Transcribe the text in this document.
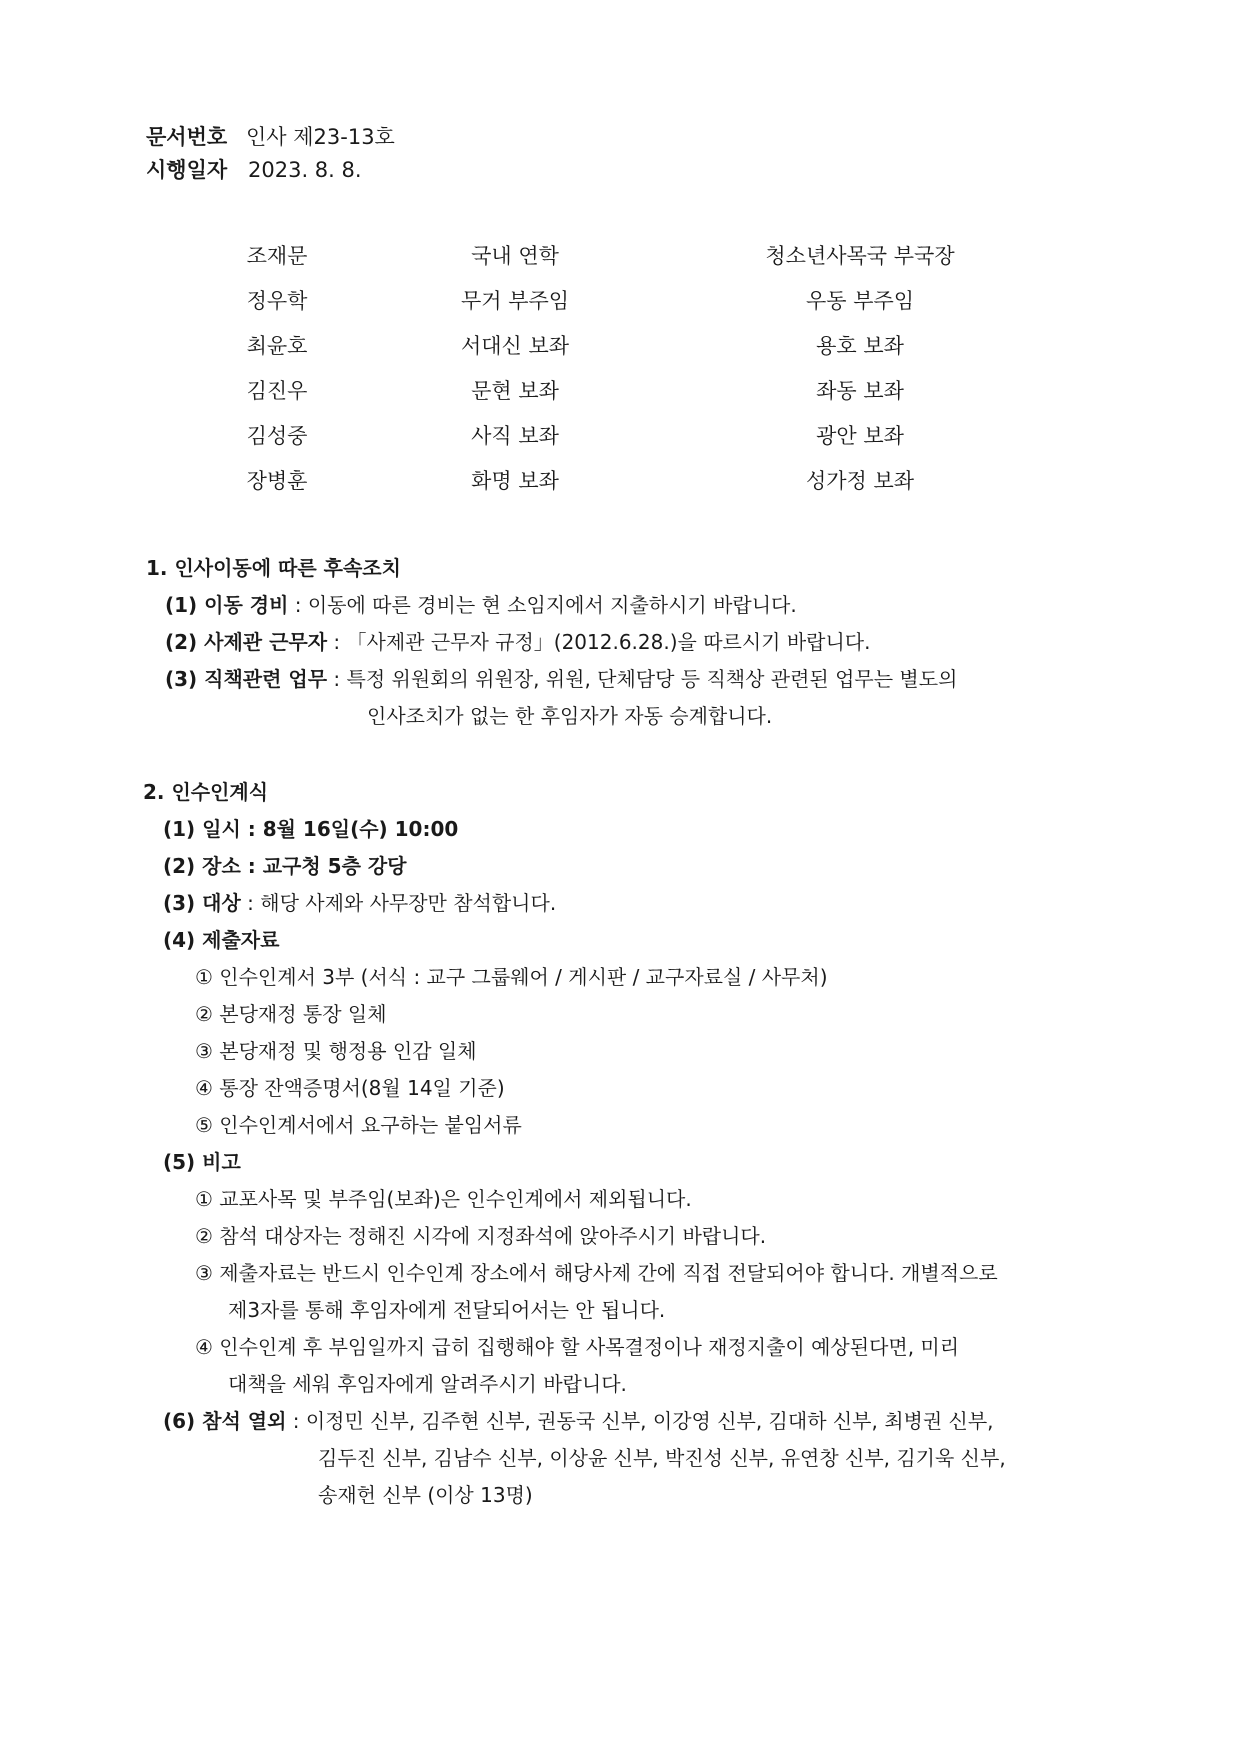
문서번호 인사 제23-13호
시행일자 2023. 8. 8.
조재문	국내 연학	청소년사목국 부국장
정우학	무거 부주임	우동 부주임
최윤호	서대신 보좌	용호 보좌
김진우	문현 보좌	좌동 보좌
김성중	사직 보좌	광안 보좌
장병훈	화명 보좌	성가정 보좌
1. 인사이동에 따른 후속조치
(1) 이동 경비 : 이동에 따른 경비는 현 소임지에서 지출하시기 바랍니다.
(2) 사제관 근무자 : 「사제관 근무자 규정」(2012.6.28.)을 따르시기 바랍니다.
(3) 직책관련 업무 : 특정 위원회의 위원장, 위원, 단체담당 등 직책상 관련된 업무는 별도의
인사조치가 없는 한 후임자가 자동 승계합니다.
2. 인수인계식
(1) 일시 : 8월 16일(수) 10:00
(2) 장소 : 교구청 5층 강당
(3) 대상 : 해당 사제와 사무장만 참석합니다.
(4) 제출자료
① 인수인계서 3부 (서식 : 교구 그룹웨어 / 게시판 / 교구자료실 / 사무처)
② 본당재정 통장 일체
③ 본당재정 및 행정용 인감 일체
④ 통장 잔액증명서(8월 14일 기준)
⑤ 인수인계서에서 요구하는 붙임서류
(5) 비고
① 교포사목 및 부주임(보좌)은 인수인계에서 제외됩니다.
② 참석 대상자는 정해진 시각에 지정좌석에 앉아주시기 바랍니다.
③ 제출자료는 반드시 인수인계 장소에서 해당사제 간에 직접 전달되어야 합니다. 개별적으로
제3자를 통해 후임자에게 전달되어서는 안 됩니다.
④ 인수인계 후 부임일까지 급히 집행해야 할 사목결정이나 재정지출이 예상된다면, 미리
대책을 세워 후임자에게 알려주시기 바랍니다.
(6) 참석 열외 : 이정민 신부, 김주현 신부, 권동국 신부, 이강영 신부, 김대하 신부, 최병권 신부,
김두진 신부, 김남수 신부, 이상윤 신부, 박진성 신부, 유연창 신부, 김기욱 신부,
송재헌 신부 (이상 13명)
